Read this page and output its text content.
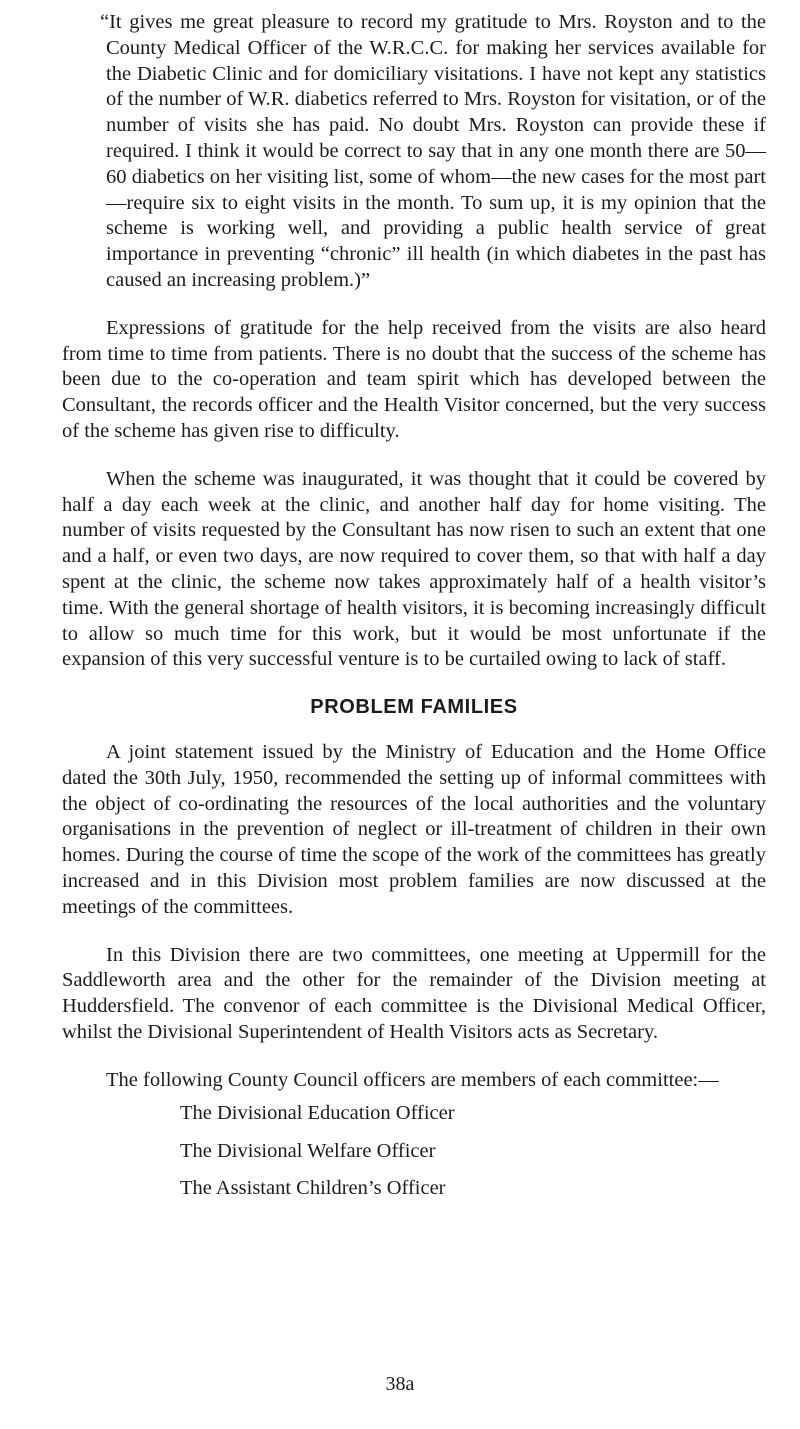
“It gives me great pleasure to record my gratitude to Mrs. Royston and to the County Medical Officer of the W.R.C.C. for making her services available for the Diabetic Clinic and for domiciliary visitations. I have not kept any statistics of the number of W.R. diabetics referred to Mrs. Royston for visitation, or of the number of visits she has paid. No doubt Mrs. Royston can provide these if required. I think it would be correct to say that in any one month there are 50—60 diabetics on her visiting list, some of whom—the new cases for the most part—require six to eight visits in the month. To sum up, it is my opinion that the scheme is working well, and providing a public health service of great importance in preventing “chronic” ill health (in which diabetes in the past has caused an increasing problem.)”

Expressions of gratitude for the help received from the visits are also heard from time to time from patients. There is no doubt that the success of the scheme has been due to the co-operation and team spirit which has developed between the Consultant, the records officer and the Health Visitor concerned, but the very success of the scheme has given rise to difficulty.

When the scheme was inaugurated, it was thought that it could be covered by half a day each week at the clinic, and another half day for home visiting. The number of visits requested by the Consultant has now risen to such an extent that one and a half, or even two days, are now required to cover them, so that with half a day spent at the clinic, the scheme now takes approximately half of a health visitor’s time. With the general shortage of health visitors, it is becoming increasingly difficult to allow so much time for this work, but it would be most unfortunate if the expansion of this very successful venture is to be curtailed owing to lack of staff.

PROBLEM FAMILIES

A joint statement issued by the Ministry of Education and the Home Office dated the 30th July, 1950, recommended the setting up of informal committees with the object of co-ordinating the resources of the local authorities and the voluntary organisations in the prevention of neglect or ill-treatment of children in their own homes. During the course of time the scope of the work of the committees has greatly increased and in this Division most problem families are now discussed at the meetings of the committees.

In this Division there are two committees, one meeting at Uppermill for the Saddleworth area and the other for the remainder of the Division meeting at Huddersfield. The convenor of each committee is the Divisional Medical Officer, whilst the Divisional Superintendent of Health Visitors acts as Secretary.

The following County Council officers are members of each committee:—

The Divisional Education Officer
The Divisional Welfare Officer
The Assistant Children’s Officer
38a
